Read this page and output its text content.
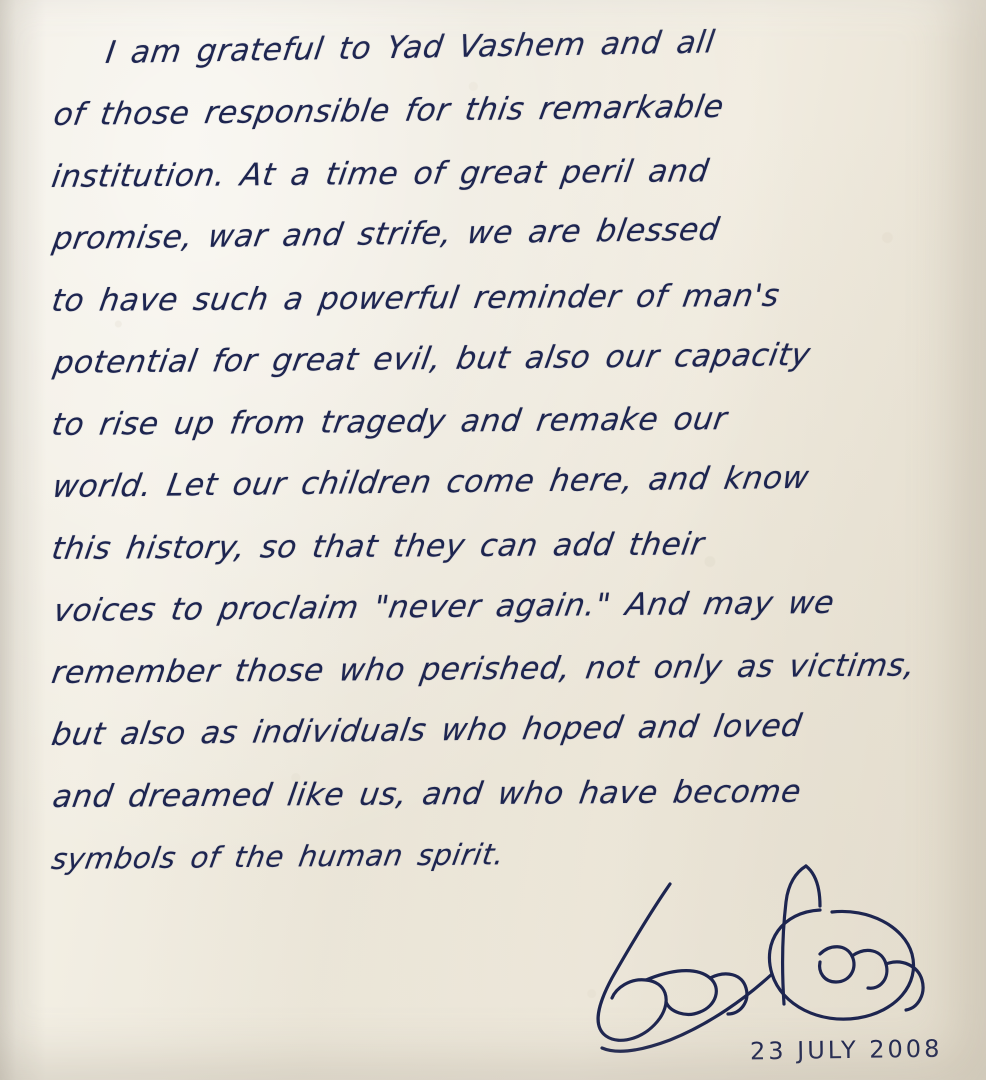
I am grateful to Yad Vashem and all
of those responsible for this remarkable
institution. At a time of great peril and
promise, war and strife, we are blessed
to have such a powerful reminder of man's
potential for great evil, but also our capacity
to rise up from tragedy and remake our
world. Let our children come here, and know
this history, so that they can add their
voices to proclaim "never again." And may we
remember those who perished, not only as victims,
but also as individuals who hoped and loved
and dreamed like us, and who have become
symbols of the human spirit.
23 JULY 2008
